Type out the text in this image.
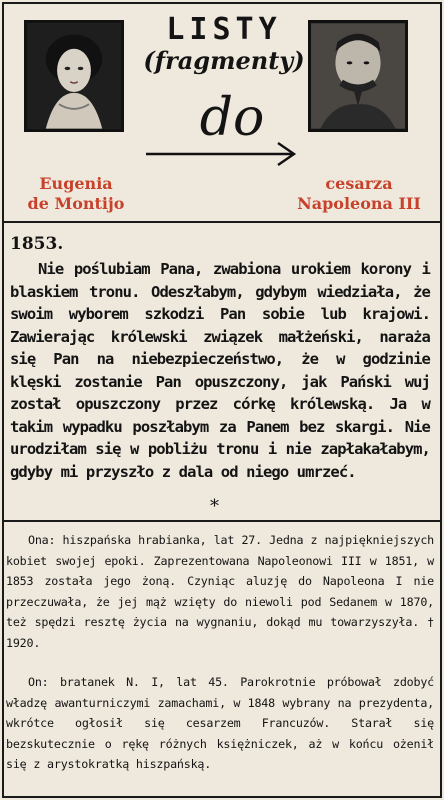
LISTY
(fragmenty)
do
Eugenia
de Montijo
cesarza
Napoleona III
1853.
Nie poślubiam Pana, zwabiona urokiem korony i blaskiem tronu. Odeszłabym, gdybym wiedziała, że swoim wyborem szkodzi Pan sobie lub krajowi. Zawierając królewski związek małżeński, naraża się Pan na niebezpieczeństwo, że w godzinie klęski zostanie Pan opuszczony, jak Pański wuj został opuszczony przez córkę królewską. Ja w takim wypadku poszłabym za Panem bez skargi. Nie urodziłam się w pobliżu tronu i nie zapłakałabym, gdyby mi przyszło z dala od niego umrzeć.
*
Ona: hiszpańska hrabianka, lat 27. Jedna z najpiękniejszych kobiet swojej epoki. Zaprezentowana Napoleonowi III w 1851, w 1853 została jego żoną. Czyniąc aluzję do Napoleona I nie przeczuwała, że jej mąż wzięty do niewoli pod Sedanem w 1870, też spędzi resztę życia na wygnaniu, dokąd mu towarzyszyła. † 1920.
On: bratanek N. I, lat 45. Parokrotnie próbował zdobyć władzę awanturniczymi zamachami, w 1848 wybrany na prezydenta, wkrótce ogłosił się cesarzem Francuzów. Starał się bezskutecznie o rękę różnych księżniczek, aż w końcu ożenił się z arystokratką hiszpańską.
